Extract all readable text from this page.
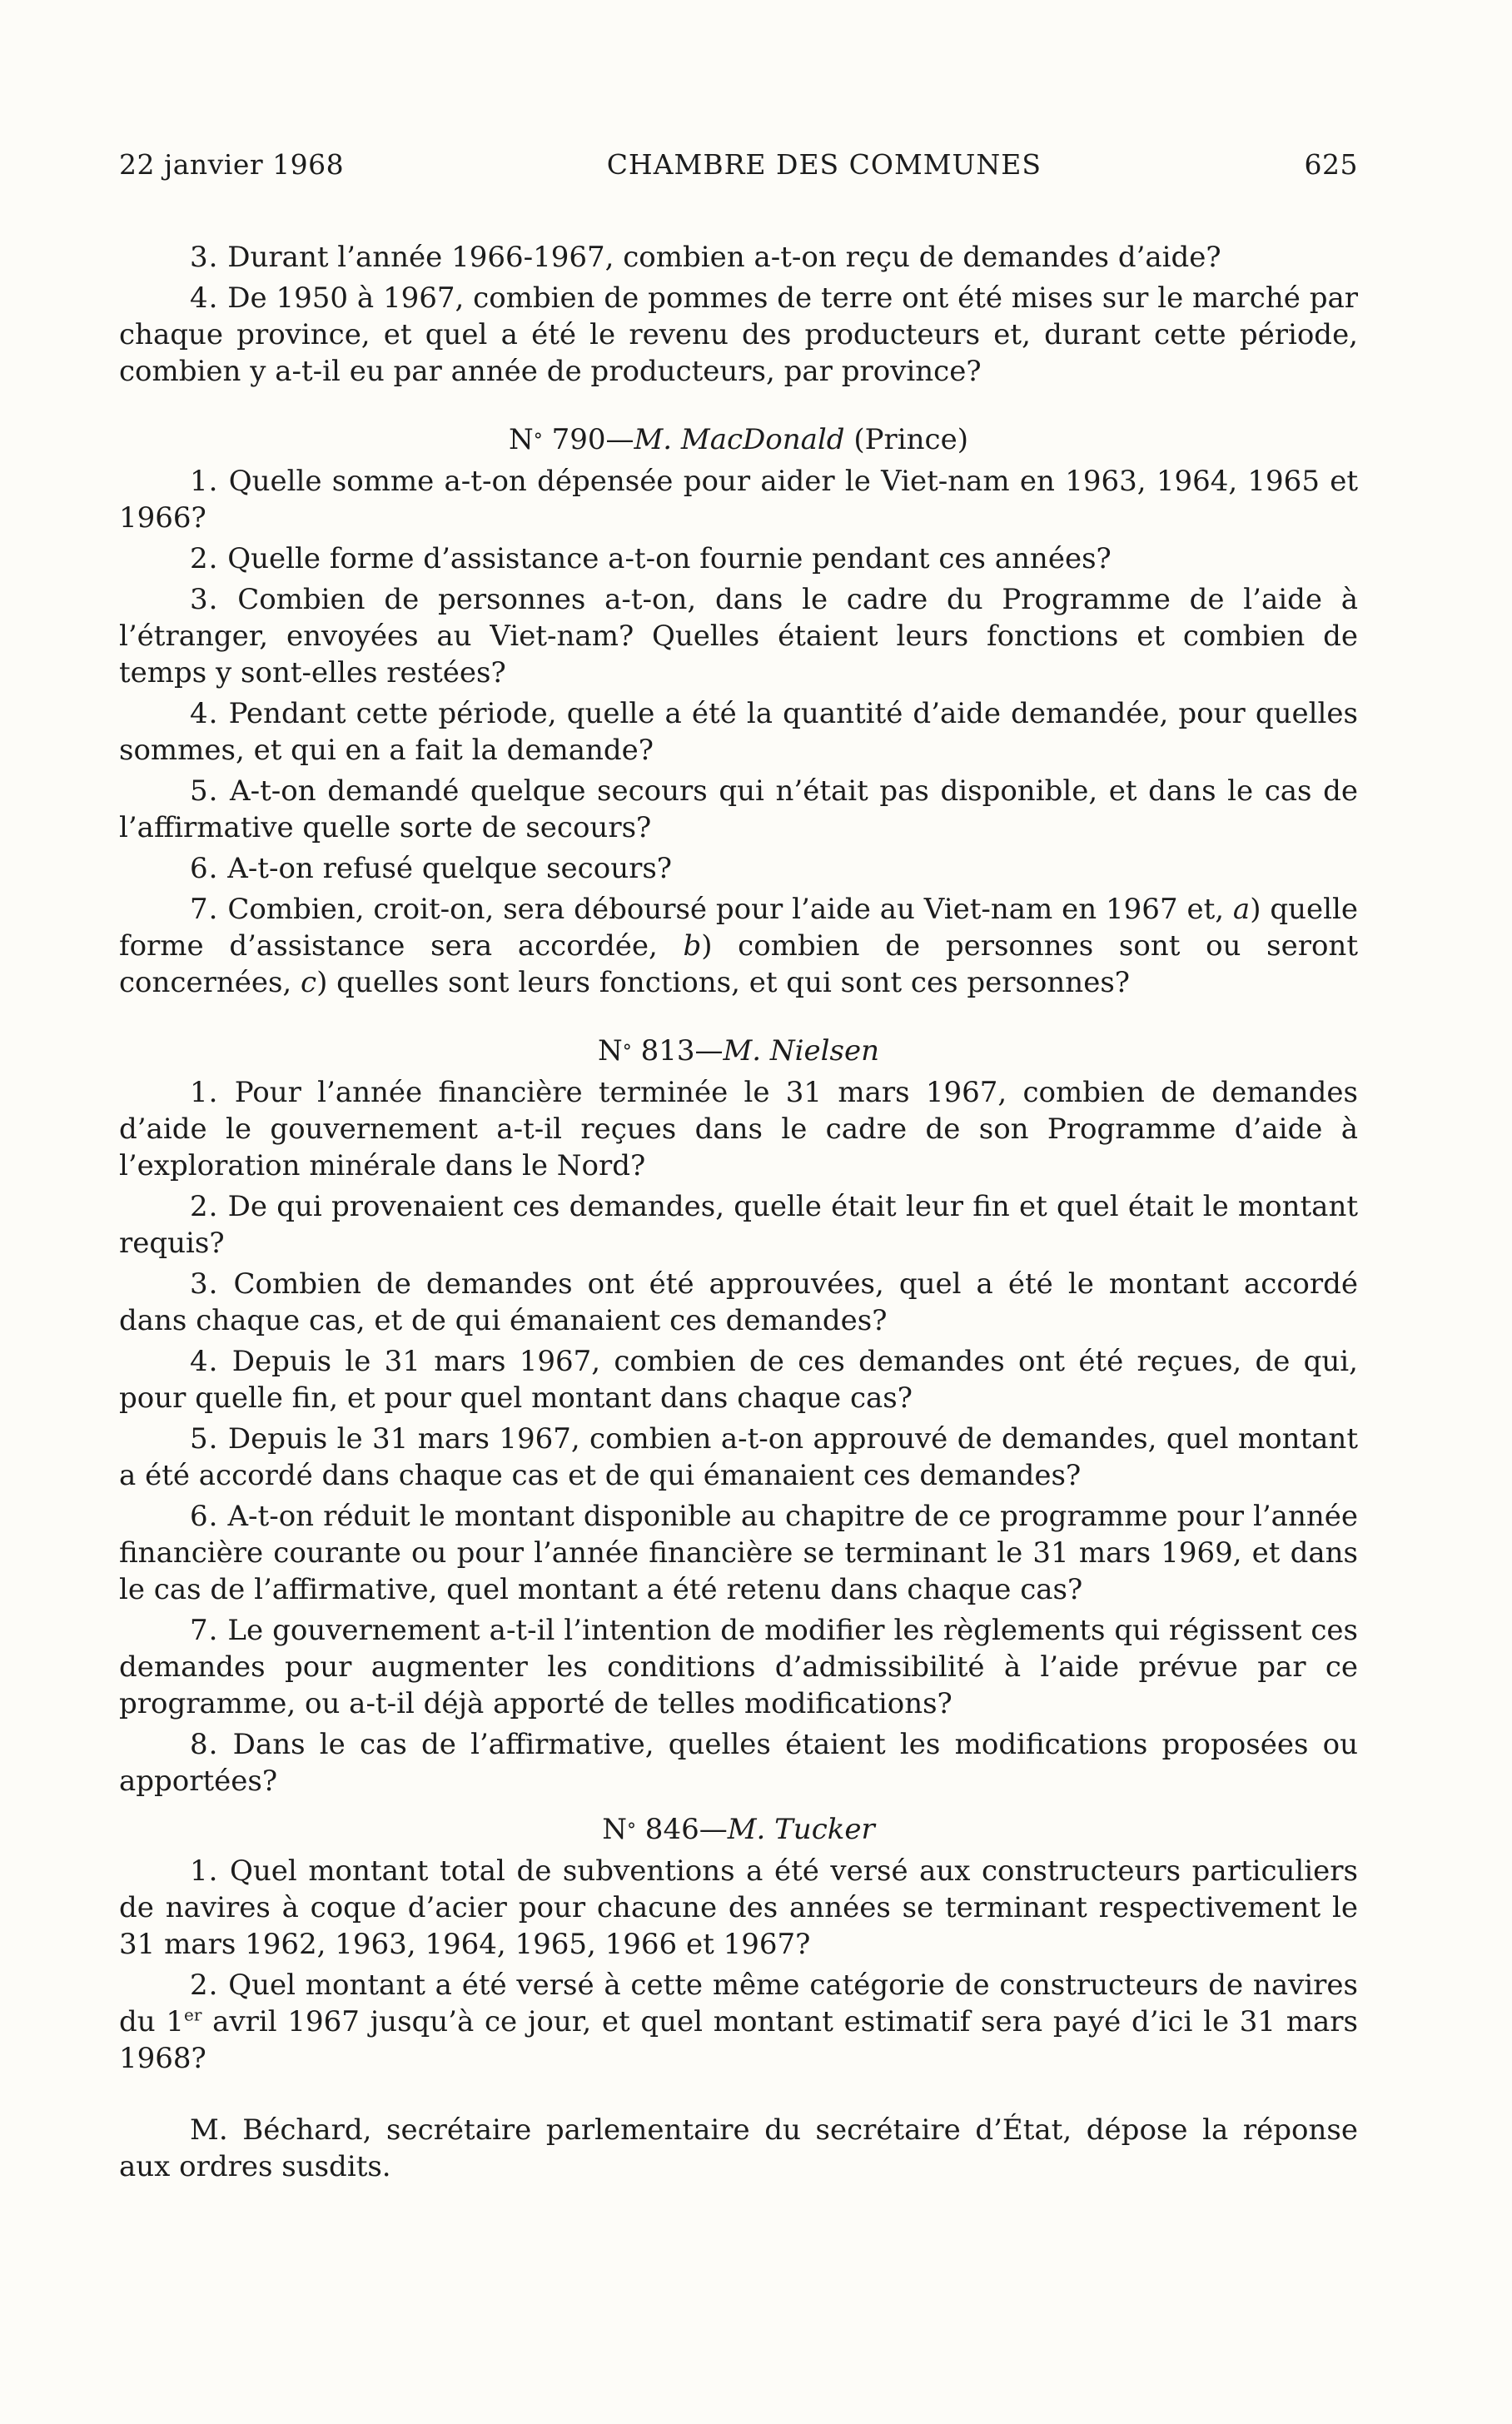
22 janvier 1968	CHAMBRE DES COMMUNES	625

3. Durant l’année 1966-1967, combien a-t-on reçu de demandes d’aide?

4. De 1950 à 1967, combien de pommes de terre ont été mises sur le marché par chaque province, et quel a été le revenu des producteurs et, durant cette période, combien y a-t-il eu par année de producteurs, par province?

N° 790—M. MacDonald (Prince)

1. Quelle somme a-t-on dépensée pour aider le Viet-nam en 1963, 1964, 1965 et 1966?

2. Quelle forme d’assistance a-t-on fournie pendant ces années?

3. Combien de personnes a-t-on, dans le cadre du Programme de l’aide à l’étranger, envoyées au Viet-nam? Quelles étaient leurs fonctions et combien de temps y sont-elles restées?

4. Pendant cette période, quelle a été la quantité d’aide demandée, pour quelles sommes, et qui en a fait la demande?

5. A-t-on demandé quelque secours qui n’était pas disponible, et dans le cas de l’affirmative quelle sorte de secours?

6. A-t-on refusé quelque secours?

7. Combien, croit-on, sera déboursé pour l’aide au Viet-nam en 1967 et, a) quelle forme d’assistance sera accordée, b) combien de personnes sont ou seront concernées, c) quelles sont leurs fonctions, et qui sont ces personnes?

N° 813—M. Nielsen

1. Pour l’année financière terminée le 31 mars 1967, combien de demandes d’aide le gouvernement a-t-il reçues dans le cadre de son Programme d’aide à l’exploration minérale dans le Nord?

2. De qui provenaient ces demandes, quelle était leur fin et quel était le montant requis?

3. Combien de demandes ont été approuvées, quel a été le montant accordé dans chaque cas, et de qui émanaient ces demandes?

4. Depuis le 31 mars 1967, combien de ces demandes ont été reçues, de qui, pour quelle fin, et pour quel montant dans chaque cas?

5. Depuis le 31 mars 1967, combien a-t-on approuvé de demandes, quel montant a été accordé dans chaque cas et de qui émanaient ces demandes?

6. A-t-on réduit le montant disponible au chapitre de ce programme pour l’année financière courante ou pour l’année financière se terminant le 31 mars 1969, et dans le cas de l’affirmative, quel montant a été retenu dans chaque cas?

7. Le gouvernement a-t-il l’intention de modifier les règlements qui régissent ces demandes pour augmenter les conditions d’admissibilité à l’aide prévue par ce programme, ou a-t-il déjà apporté de telles modifications?

8. Dans le cas de l’affirmative, quelles étaient les modifications proposées ou apportées?

N° 846—M. Tucker

1. Quel montant total de subventions a été versé aux constructeurs particuliers de navires à coque d’acier pour chacune des années se terminant respectivement le 31 mars 1962, 1963, 1964, 1965, 1966 et 1967?

2. Quel montant a été versé à cette même catégorie de constructeurs de navires du 1er avril 1967 jusqu’à ce jour, et quel montant estimatif sera payé d’ici le 31 mars 1968?

M. Béchard, secrétaire parlementaire du secrétaire d’État, dépose la réponse aux ordres susdits.
